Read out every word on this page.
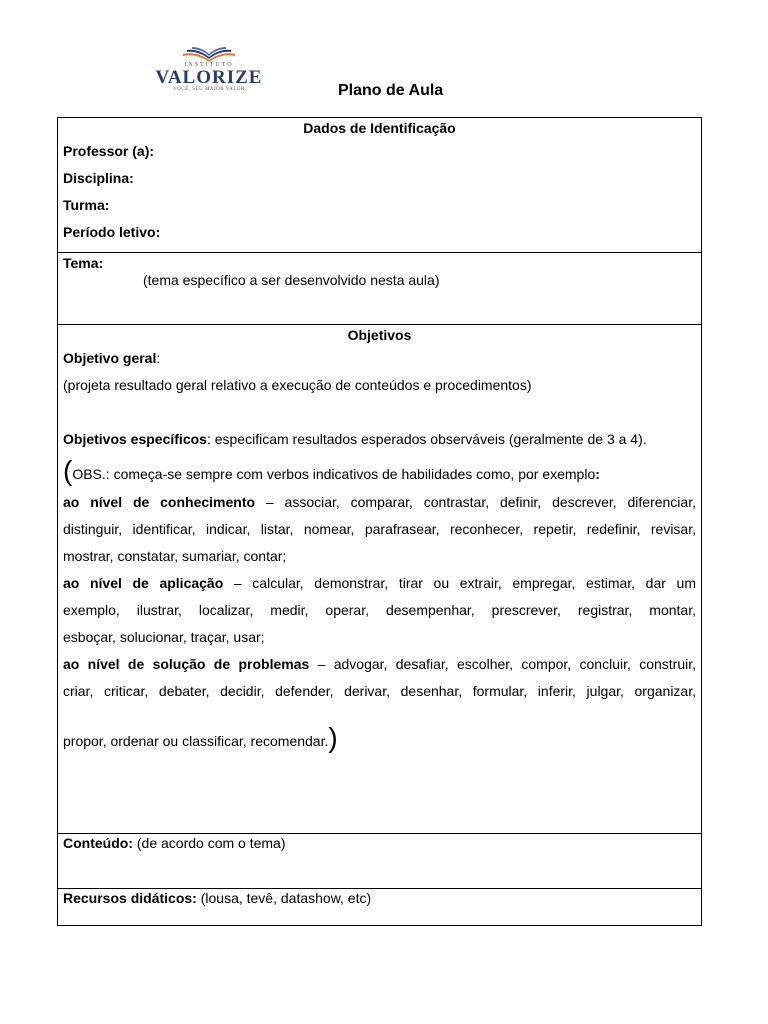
INSTITUTO
VALORIZE
VOCÊ, SEU MAIOR VALOR	Plano de Aula
Dados de Identificação
Professor (a):
Disciplina:
Turma:
Período letivo:
Tema:
(tema específico a ser desenvolvido nesta aula)
Objetivos
Objetivo geral:
(projeta resultado geral relativo a execução de conteúdos e procedimentos)

Objetivos específicos: especificam resultados esperados observáveis (geralmente de 3 a 4).
(OBS.: começa-se sempre com verbos indicativos de habilidades como, por exemplo:
ao nível de conhecimento – associar, comparar, contrastar, definir, descrever, diferenciar,
distinguir, identificar, indicar, listar, nomear, parafrasear, reconhecer, repetir, redefinir, revisar,
mostrar, constatar, sumariar, contar;
ao nível de aplicação – calcular, demonstrar, tirar ou extrair, empregar, estimar, dar um
exemplo, ilustrar, localizar, medir, operar, desempenhar, prescrever, registrar, montar,
esboçar, solucionar, traçar, usar;
ao nível de solução de problemas – advogar, desafiar, escolher, compor, concluir, construir,
criar, criticar, debater, decidir, defender, derivar, desenhar, formular, inferir, julgar, organizar,
propor, ordenar ou classificar, recomendar.)
Conteúdo: (de acordo com o tema)
Recursos didáticos: (lousa, tevê, datashow, etc)
